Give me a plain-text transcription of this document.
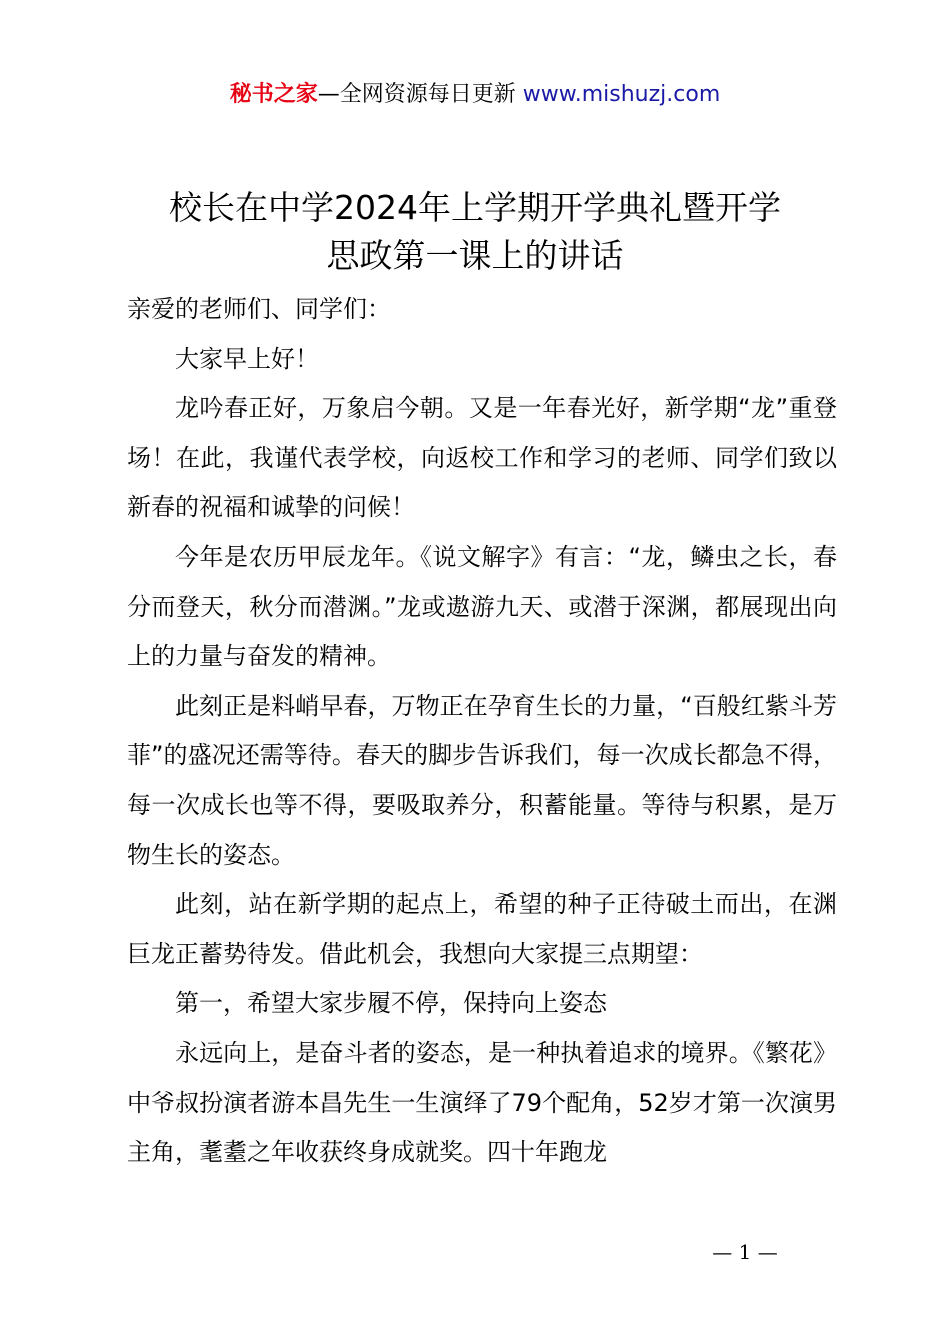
秘书之家—全网资源每日更新 www.mishuzj.com
校长在中学2024年上学期开学典礼暨开学
思政第一课上的讲话

亲爱的老师们、同学们：

大家早上好！

龙吟春正好，万象启今朝。又是一年春光好，新学期“龙”重登场！在此，我谨代表学校，向返校工作和学习的老师、同学们致以新春的祝福和诚挚的问候！

今年是农历甲辰龙年。《说文解字》有言：“龙，鳞虫之长，春分而登天，秋分而潜渊。”龙或遨游九天、或潜于深渊，都展现出向上的力量与奋发的精神。

此刻正是料峭早春，万物正在孕育生长的力量，“百般红紫斗芳菲”的盛况还需等待。春天的脚步告诉我们，每一次成长都急不得，每一次成长也等不得，要吸取养分，积蓄能量。等待与积累，是万物生长的姿态。

此刻，站在新学期的起点上，希望的种子正待破土而出，在渊巨龙正蓄势待发。借此机会，我想向大家提三点期望：

第一，希望大家步履不停，保持向上姿态

永远向上，是奋斗者的姿态，是一种执着追求的境界。《繁花》中爷叔扮演者游本昌先生一生演绎了79个配角，52岁才第一次演男主角，耄耋之年收获终身成就奖。四十年跑龙

— 1 —
